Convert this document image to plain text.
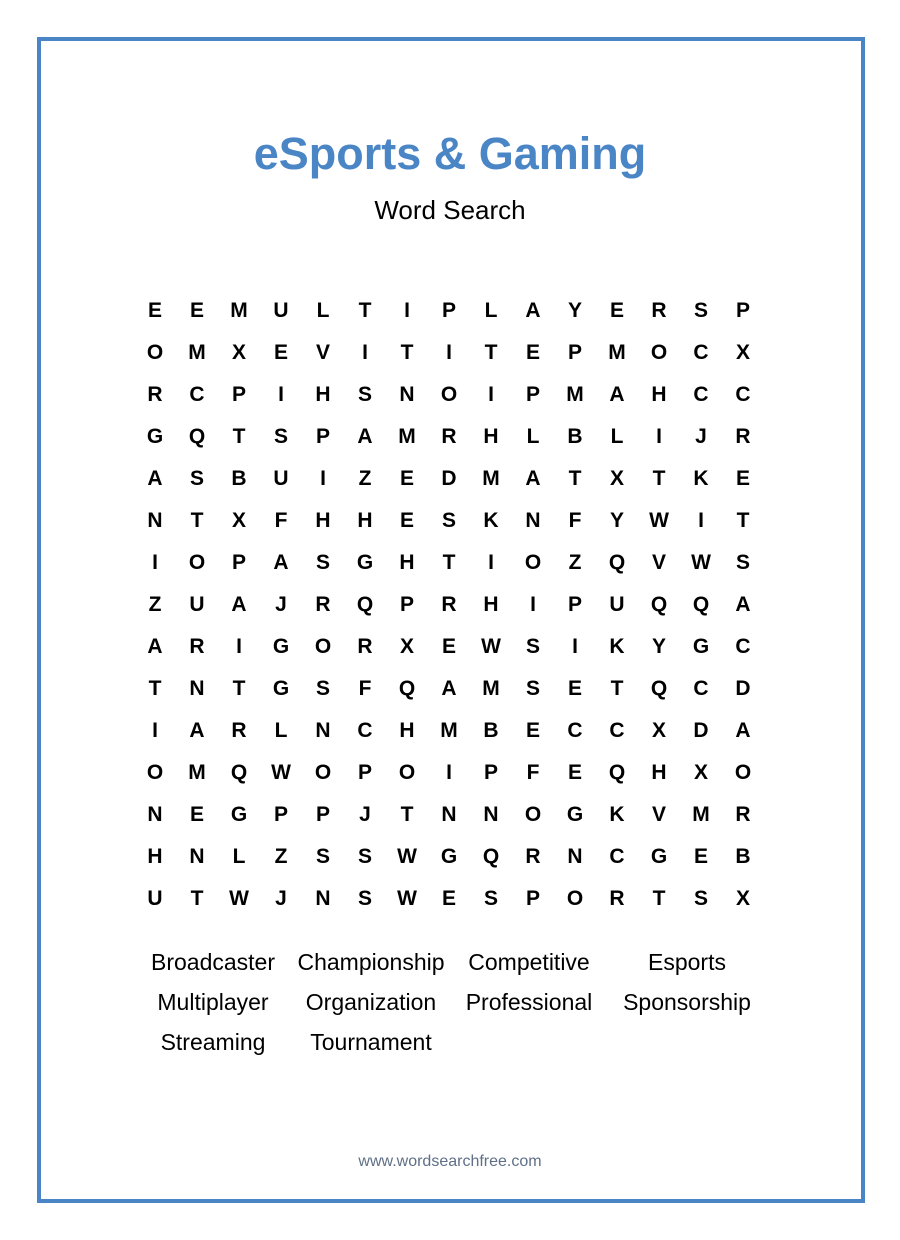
eSports & Gaming
Word Search
E	E	M	U	L	T	I	P	L	A	Y	E	R	S	P
O	M	X	E	V	I	T	I	T	E	P	M	O	C	X
R	C	P	I	H	S	N	O	I	P	M	A	H	C	C
G	Q	T	S	P	A	M	R	H	L	B	L	I	J	R
A	S	B	U	I	Z	E	D	M	A	T	X	T	K	E
N	T	X	F	H	H	E	S	K	N	F	Y	W	I	T
I	O	P	A	S	G	H	T	I	O	Z	Q	V	W	S
Z	U	A	J	R	Q	P	R	H	I	P	U	Q	Q	A
A	R	I	G	O	R	X	E	W	S	I	K	Y	G	C
T	N	T	G	S	F	Q	A	M	S	E	T	Q	C	D
I	A	R	L	N	C	H	M	B	E	C	C	X	D	A
O	M	Q	W	O	P	O	I	P	F	E	Q	H	X	O
N	E	G	P	P	J	T	N	N	O	G	K	V	M	R
H	N	L	Z	S	S	W	G	Q	R	N	C	G	E	B
U	T	W	J	N	S	W	E	S	P	O	R	T	S	X
Broadcaster Championship	Competitive	Esports
Multiplayer	Organization	Professional	Sponsorship
Streaming	Tournament
www.wordsearchfree.com
